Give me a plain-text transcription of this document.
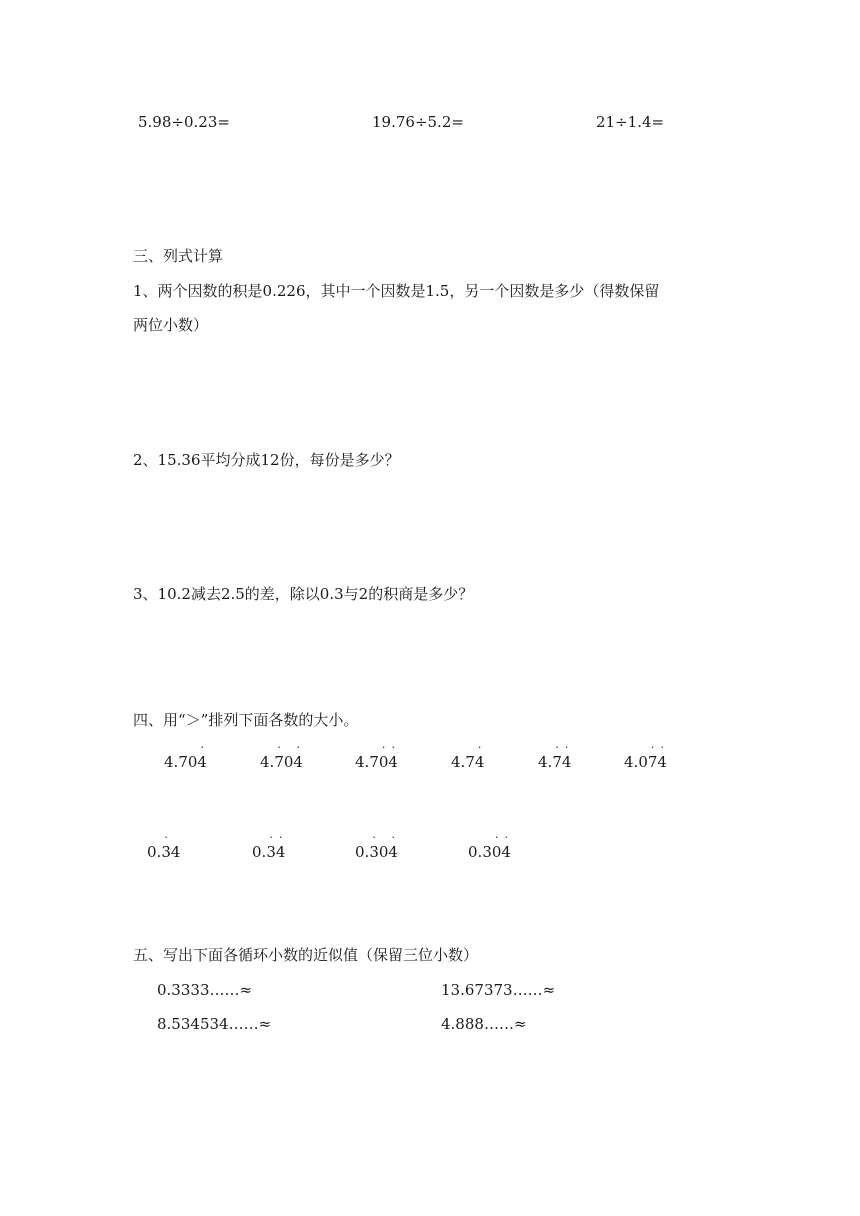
5.98÷0.23=	19.76÷5.2=	21÷1.4=
三、列式计算
1、两个因数的积是0.226，其中一个因数是1.5，另一个因数是多少（得数保留
两位小数）
2、15.36平均分成12份，每份是多少？
3、10.2减去2.5的差，除以0.3与2的积商是多少？
四、用“＞”排列下面各数的大小。
4.704
·
4.7
·
04
·
4.70
·
4
·
4.74
·
4.7
·
4
·
4.07
·
4
·
0.3
·
4	0.3
·
4
·
0.3
·
04
·
0.30
·
4
·
五、写出下面各循环小数的近似值（保留三位小数）
0.3333……≈	13.67373……≈
8.534534……≈	4.888……≈
